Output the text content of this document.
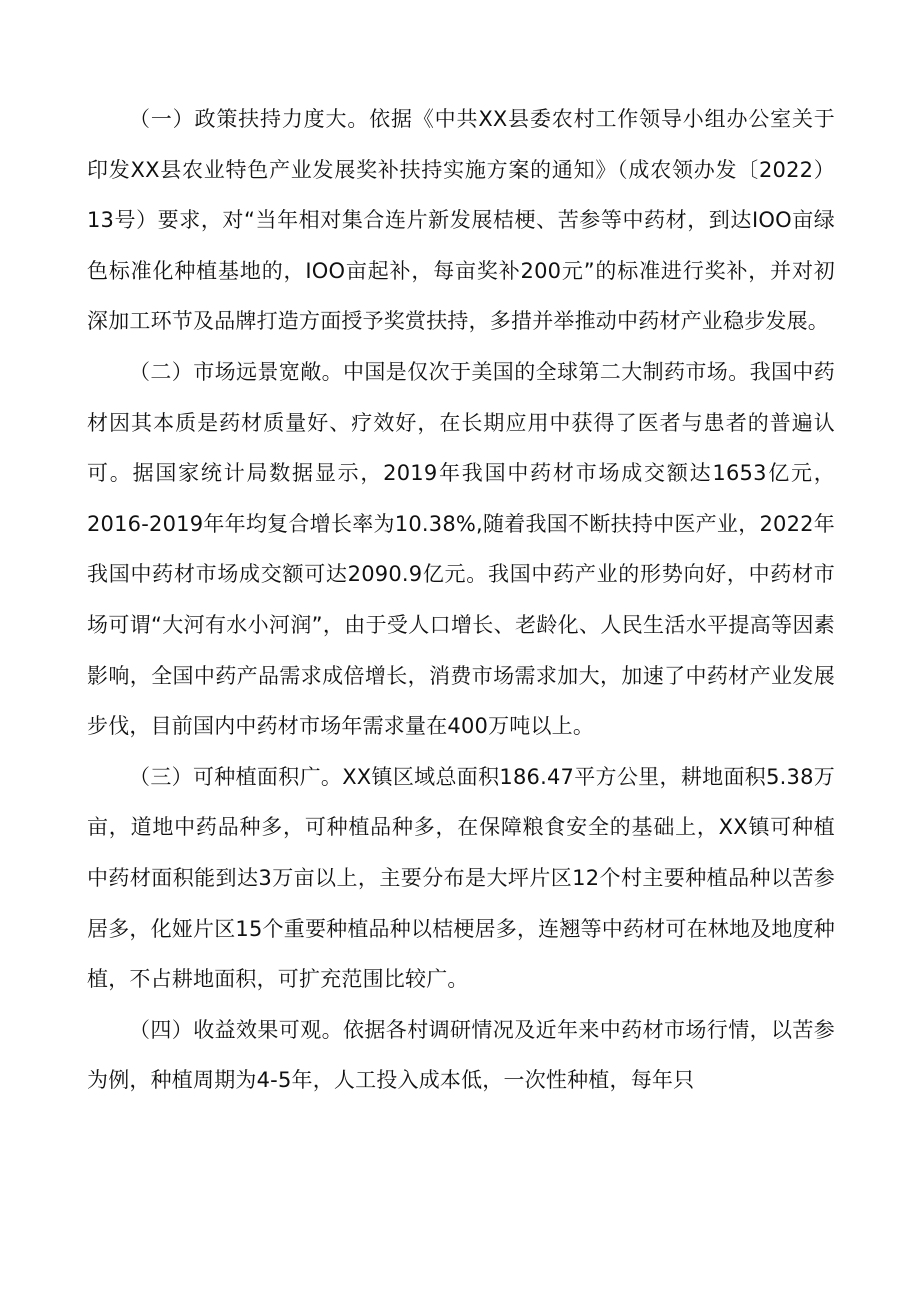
（一）政策扶持力度大。依据《中共XX县委农村工作领导小组办公室关于印发XX县农业特色产业发展奖补扶持实施方案的通知》（成农领办发〔2022）13号）要求，对“当年相对集合连片新发展桔梗、苦参等中药材，到达IOO亩绿色标准化种植基地的，IOO亩起补，每亩奖补200元”的标准进行奖补，并对初深加工环节及品牌打造方面授予奖赏扶持，多措并举推动中药材产业稳步发展。

（二）市场远景宽敞。中国是仅次于美国的全球第二大制药市场。我国中药材因其本质是药材质量好、疗效好，在长期应用中获得了医者与患者的普遍认可。据国家统计局数据显示，2019年我国中药材市场成交额达1653亿元，2016-2019年年均复合增长率为10.38%,随着我国不断扶持中医产业，2022年我国中药材市场成交额可达2090.9亿元。我国中药产业的形势向好，中药材市场可谓“大河有水小河润”，由于受人口增长、老龄化、人民生活水平提高等因素影响，全国中药产品需求成倍增长，消费市场需求加大，加速了中药材产业发展步伐，目前国内中药材市场年需求量在400万吨以上。

（三）可种植面积广。XX镇区域总面积186.47平方公里，耕地面积5.38万亩，道地中药品种多，可种植品种多，在保障粮食安全的基础上，XX镇可种植中药材面积能到达3万亩以上，主要分布是大坪片区12个村主要种植品种以苦参居多，化娅片区15个重要种植品种以桔梗居多，连翘等中药材可在林地及地度种植，不占耕地面积，可扩充范围比较广。

（四）收益效果可观。依据各村调研情况及近年来中药材市场行情，以苦参为例，种植周期为4-5年，人工投入成本低，一次性种植，每年只
